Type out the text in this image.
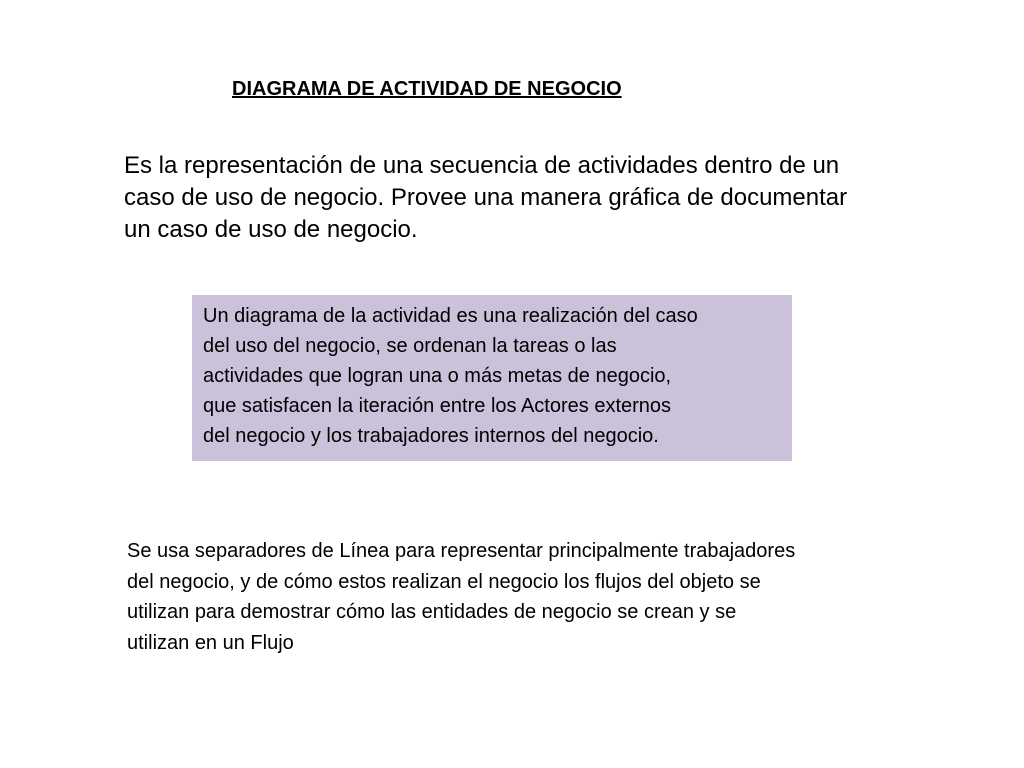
DIAGRAMA DE ACTIVIDAD DE NEGOCIO
Es la representación de una secuencia de actividades dentro de un
caso de uso de negocio. Provee una manera gráfica de documentar
un caso de uso de negocio.
Un diagrama de la actividad es una realización del caso
del uso del negocio, se ordenan la tareas o las
actividades que logran una o más metas de negocio,
que satisfacen la iteración entre los Actores externos
del negocio y los trabajadores internos del negocio.
Se usa separadores de Línea para representar principalmente trabajadores
del negocio, y de cómo estos realizan el negocio los flujos del objeto se
utilizan para demostrar cómo las entidades de negocio se crean y se
utilizan en un Flujo
